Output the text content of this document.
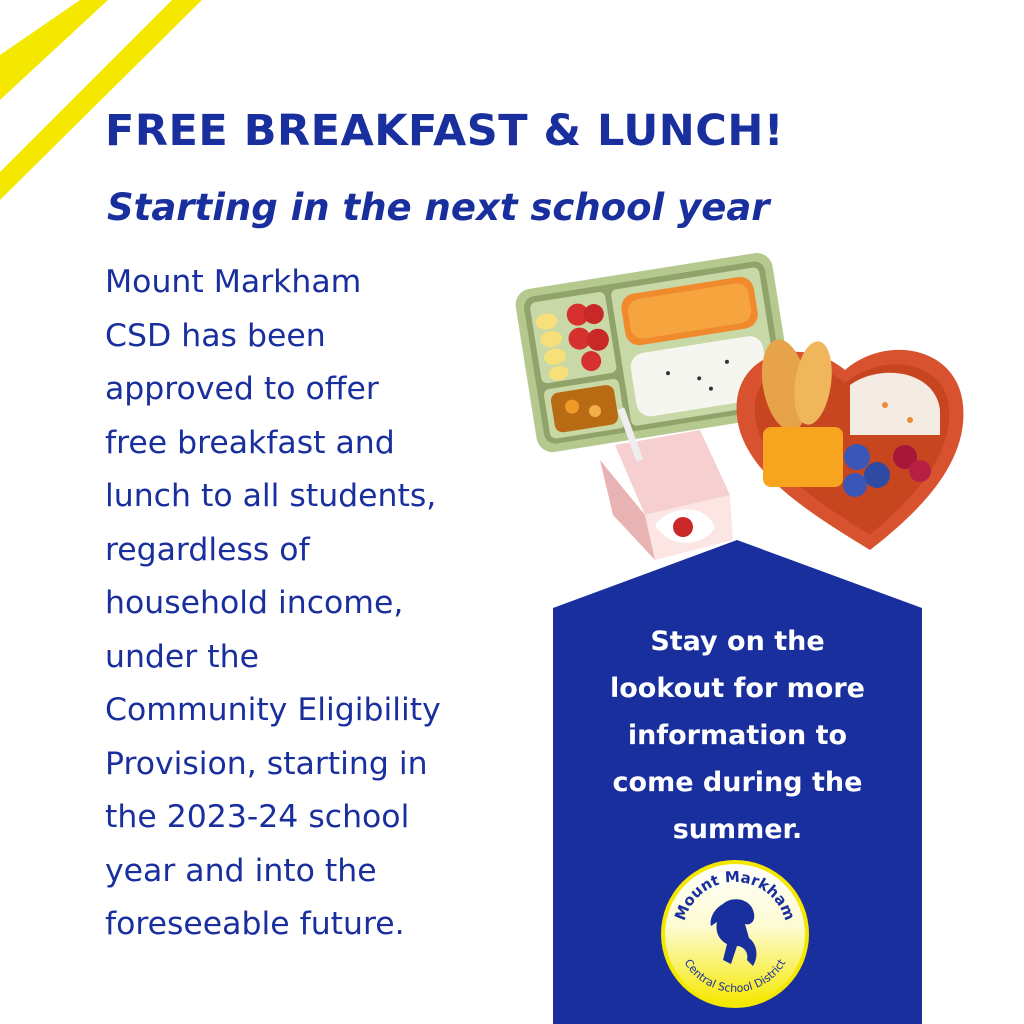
FREE BREAKFAST & LUNCH!
Starting in the next school year
Mount Markham
CSD has been
approved to offer
free breakfast and
lunch to all students,
regardless of
household income,
under the
Community Eligibility
Provision, starting in
the 2023-24 school
year and into the
foreseeable future.
Stay on the
lookout for more
information to
come during the
summer.
Mount Markham
Central School District
